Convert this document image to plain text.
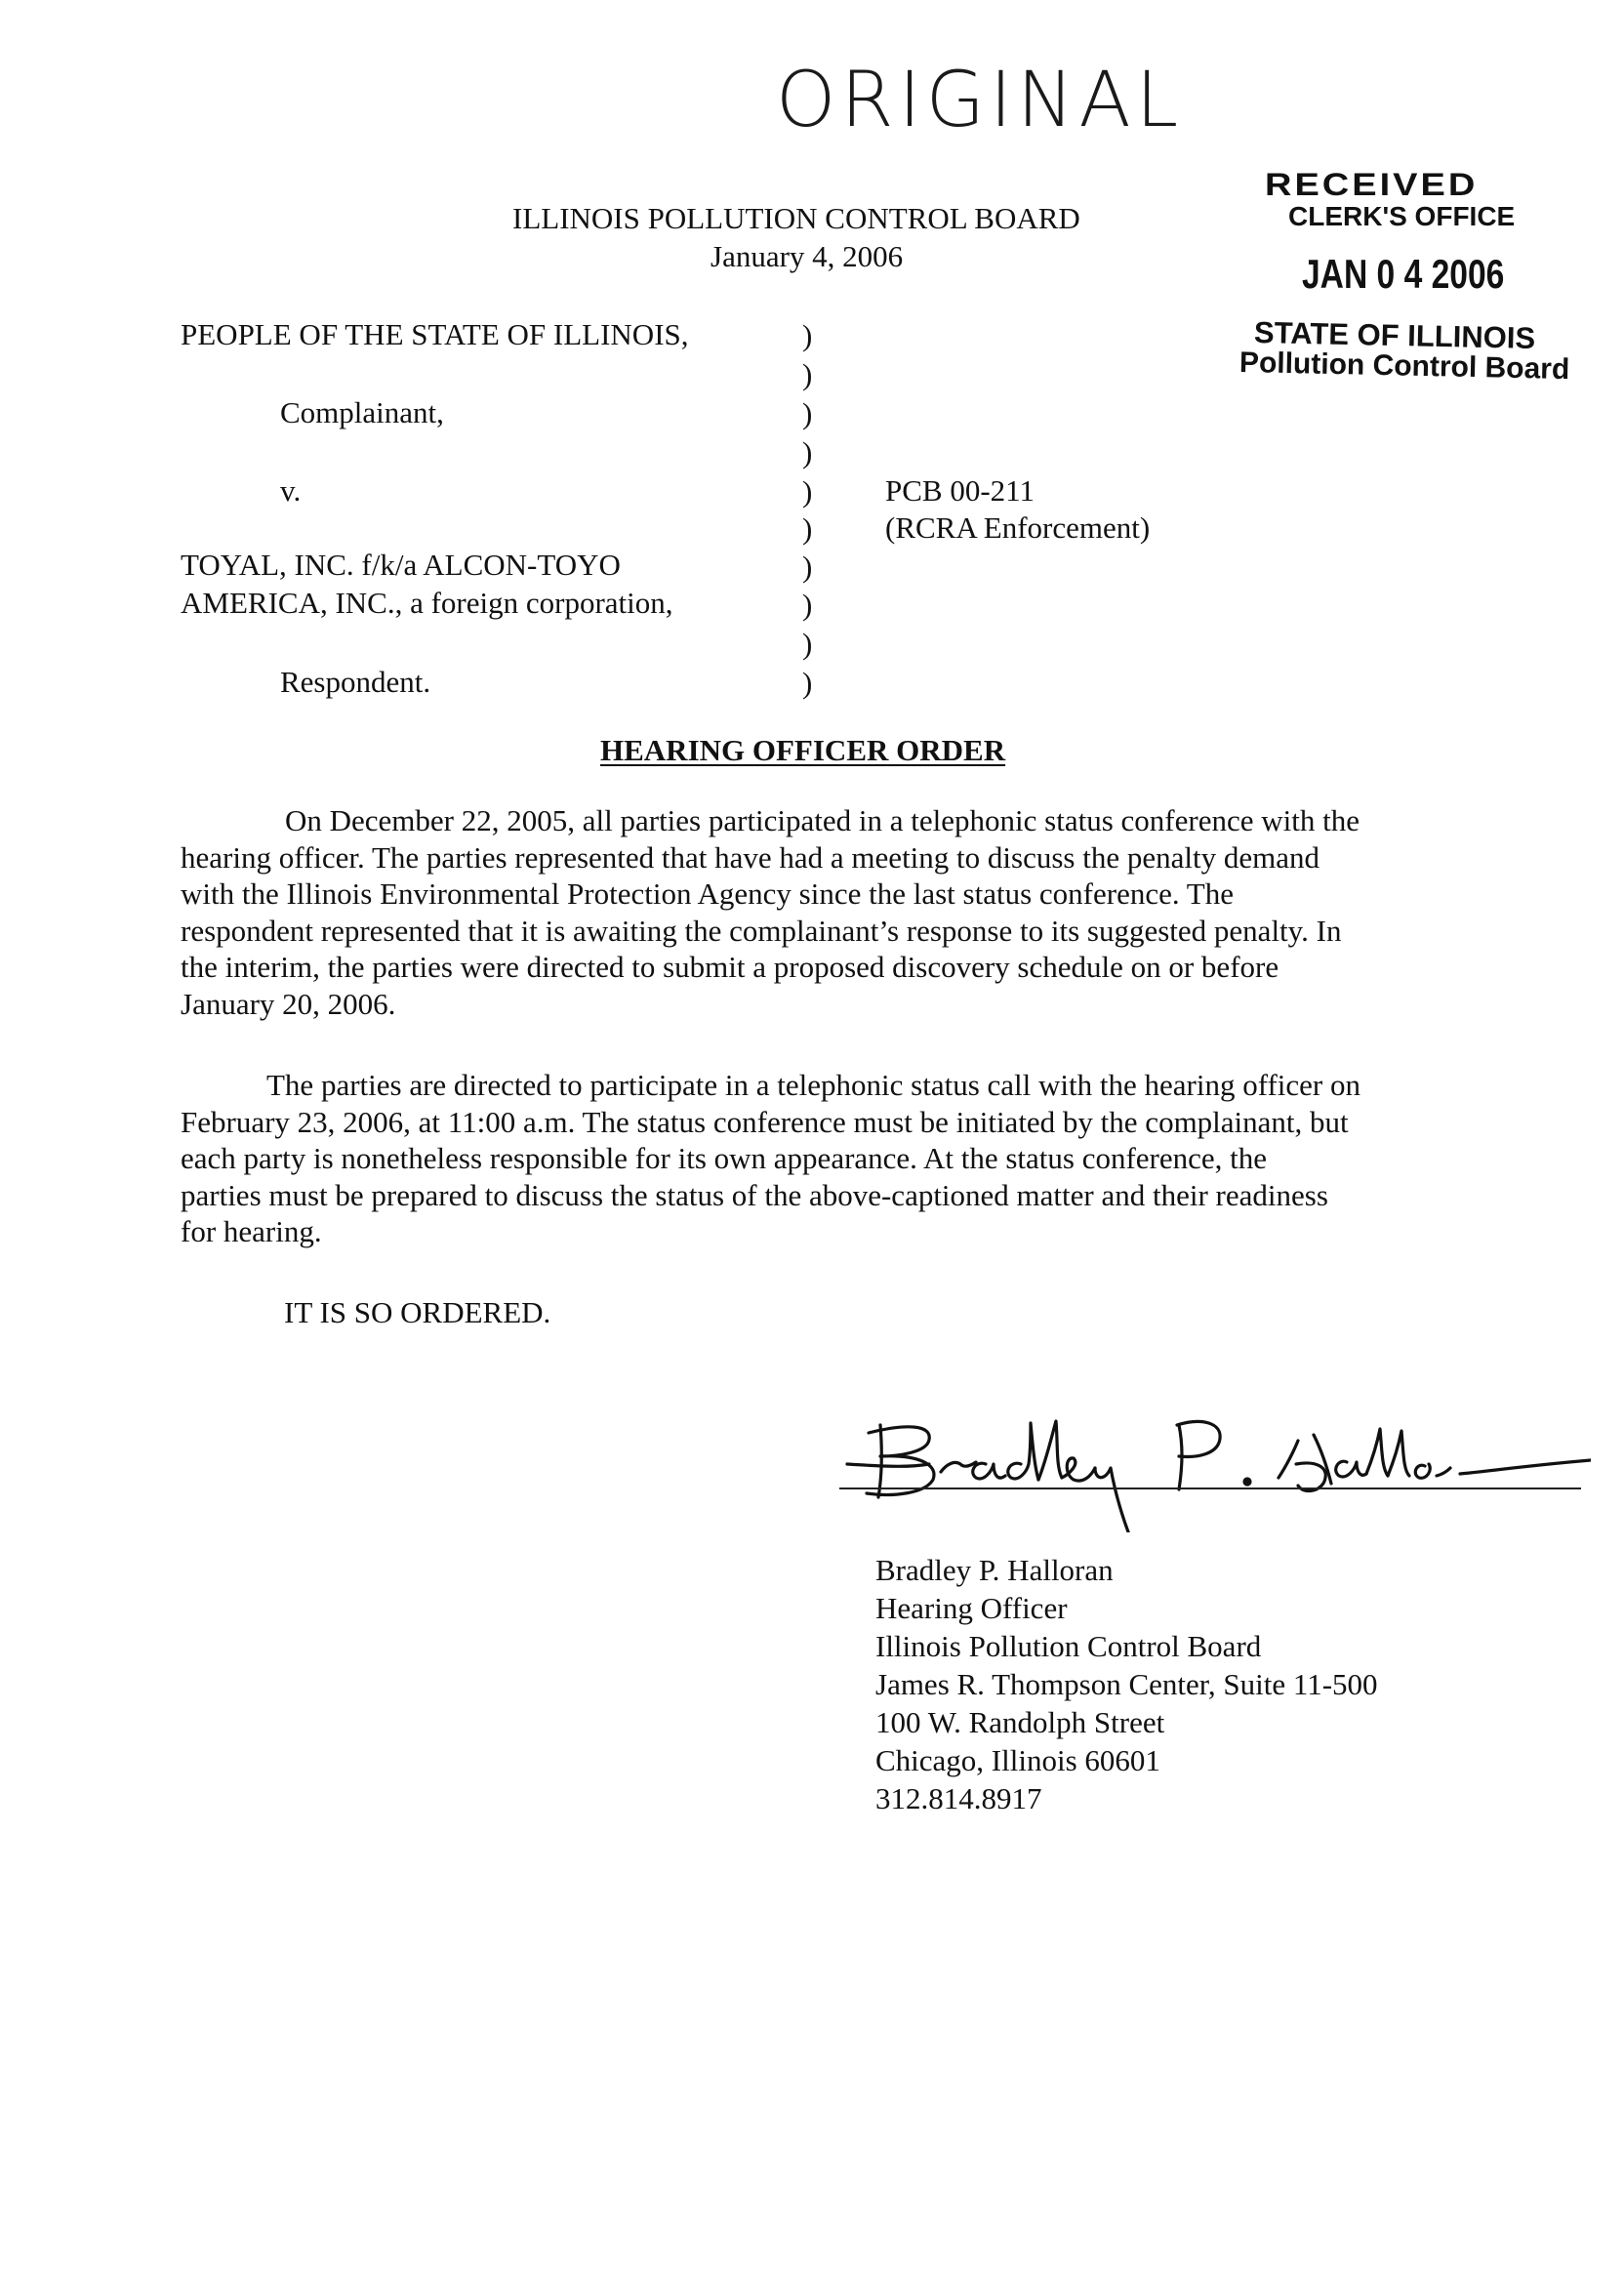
ORIGINAL
RECEIVED
CLERK'S OFFICE
JAN 0 4 2006
STATE OF ILLINOIS
Pollution Control Board
ILLINOIS POLLUTION CONTROL BOARD
January 4, 2006
PEOPLE OF THE STATE OF ILLINOIS,
Complainant,
v.
TOYAL, INC. f/k/a ALCON-TOYO
AMERICA, INC., a foreign corporation,
Respondent.
)
)
)
)
)
)
)
)
)
)
PCB 00-211
(RCRA Enforcement)
HEARING OFFICER ORDER
On December 22, 2005, all parties participated in a telephonic status conference with the
hearing officer. The parties represented that have had a meeting to discuss the penalty demand
with the Illinois Environmental Protection Agency since the last status conference. The
respondent represented that it is awaiting the complainant’s response to its suggested penalty. In
the interim, the parties were directed to submit a proposed discovery schedule on or before
January 20, 2006.
The parties are directed to participate in a telephonic status call with the hearing officer on
February 23, 2006, at 11:00 a.m. The status conference must be initiated by the complainant, but
each party is nonetheless responsible for its own appearance. At the status conference, the
parties must be prepared to discuss the status of the above-captioned matter and their readiness
for hearing.
IT IS SO ORDERED.
Bradley P. Halloran
Hearing Officer
Illinois Pollution Control Board
James R. Thompson Center, Suite 11-500
100 W. Randolph Street
Chicago, Illinois 60601
312.814.8917
